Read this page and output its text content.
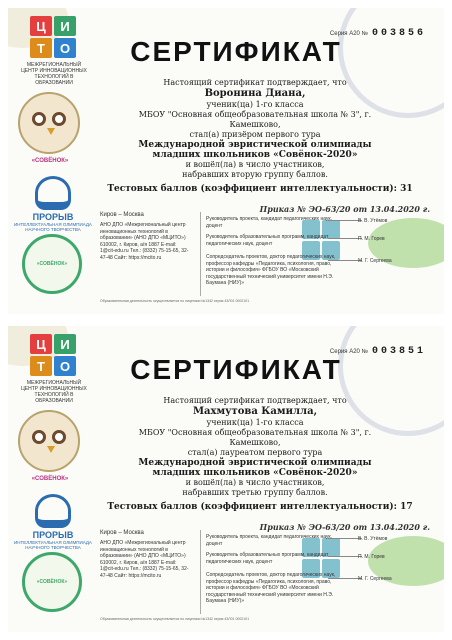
Ц	И
Т	О
МЕЖРЕГИОНАЛЬНЫЙ ЦЕНТР ИННОВАЦИОННЫХ ТЕХНОЛОГИЙ В ОБРАЗОВАНИИ
«СОВЁНОК»
ПРОРЫВ
ИНТЕЛЛЕКТУАЛЬНАЯ ОЛИМПИАДА НАУЧНОГО ТВОРЧЕСТВА
«СОВЁНОК»
Серия А20 № 003856
СЕРТИФИКАТ
Настоящий сертификат подтверждает, что
Воронина Диана,
ученик(ца) 1-го класса
МБОУ "Основная общеобразовательная школа № 3", г.
Камешково,
стал(а) призёром первого тура
Международной эвристической олимпиады
младших школьников «Совёнок-2020»
и вошёл(ла) в число участников,
набравших вторую группу баллов.
Тестовых баллов (коэффициент интеллектуальности): 31
Приказ № ЭО-63/20 от 13.04.2020 г.
Киров – Москва
АНО ДПО «Межрегиональный центр инновационных технологий в образовании» (АНО ДПО «МЦИТО») 610002, г. Киров, а/я 1887 E-mail: 1@cit-edu.ru Тел.: (8332) 75-15-65, 32-47-48 Сайт: https://mcito.ru
Руководитель проекта, кандидат педагогических наук, доцент
В. В. Утёмов
Руководитель образовательных программ, кандидат педагогических наук, доцент
П. М. Горев
Сопредседатель проектов, доктор педагогических наук, профессор кафедры «Педагогика, психология, право, истории и философия» ФГБОУ ВО «Московский государственный технический университет имени Н.Э. Баумана (НИУ)»
М. Г. Сергеева
Образовательная деятельность осуществляется по лицензии №1342 серия 43Л01 0002101
Ц	И
Т	О
МЕЖРЕГИОНАЛЬНЫЙ ЦЕНТР ИННОВАЦИОННЫХ ТЕХНОЛОГИЙ В ОБРАЗОВАНИИ
«СОВЁНОК»
ПРОРЫВ
ИНТЕЛЛЕКТУАЛЬНАЯ ОЛИМПИАДА НАУЧНОГО ТВОРЧЕСТВА
«СОВЁНОК»
Серия А20 № 003851
СЕРТИФИКАТ
Настоящий сертификат подтверждает, что
Махмутова Камилла,
ученик(ца) 1-го класса
МБОУ "Основная общеобразовательная школа № 3", г.
Камешково,
стал(а) лауреатом первого тура
Международной эвристической олимпиады
младших школьников «Совёнок-2020»
и вошёл(ла) в число участников,
набравших третью группу баллов.
Тестовых баллов (коэффициент интеллектуальности): 17
Приказ № ЭО-63/20 от 13.04.2020 г.
Киров – Москва
АНО ДПО «Межрегиональный центр инновационных технологий в образовании» (АНО ДПО «МЦИТО») 610002, г. Киров, а/я 1887 E-mail: 1@cit-edu.ru Тел.: (8332) 75-15-65, 32-47-48 Сайт: https://mcito.ru
Руководитель проекта, кандидат педагогических наук, доцент
В. В. Утёмов
Руководитель образовательных программ, кандидат педагогических наук, доцент
П. М. Горев
Сопредседатель проектов, доктор педагогических наук, профессор кафедры «Педагогика, психология, право, истории и философия» ФГБОУ ВО «Московский государственный технический университет имени Н.Э. Баумана (НИУ)»
М. Г. Сергеева
Образовательная деятельность осуществляется по лицензии №1342 серия 43Л01 0002101
